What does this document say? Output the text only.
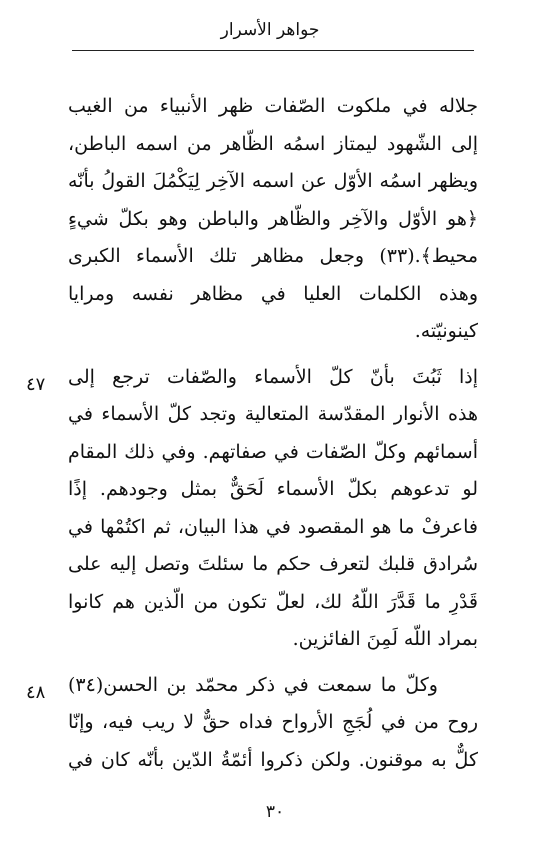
جواهر الأسرار
٤٧
٤٨
جلاله في ملكوت الصّفات ظهر الأنبياء من الغيب
إلى الشّهود ليمتاز اسمُه الظّاهر من اسمه الباطن،
ويظهر اسمُه الأوّل عن اسمه الآخِر لِيَكْمُلَ القولُ بأنّه
﴿هو الأوّل والآخِر والظّاهر والباطن وهو بكلّ شيءٍ
محيط﴾.(٣٣) وجعل مظاهر تلك الأسماء الكبرى
وهذه الكلمات العليا في مظاهر نفسه ومرايا
كينونيّته.
إذا ثَبُتَ بأنّ كلّ الأسماء والصّفات ترجع إلى
هذه الأنوار المقدّسة المتعالية وتجد كلّ الأسماء في
أسمائهم وكلّ الصّفات في صفاتهم. وفي ذلك المقام
لو تدعوهم بكلّ الأسماء لَحَقٌّ بمثل وجودهم. إذًا
فاعرفْ ما هو المقصود في هذا البيان، ثم اكتُمْها في
سُرادق قلبك لتعرف حكم ما سئلتَ وتصل إليه على
قَدْرِ ما قَدَّرَ اللّهُ لك، لعلّ تكون من الّذين هم كانوا
بمراد اللّه لَمِنَ الفائزين.
وكلّ ما سمعت في ذكر محمّد بن الحسن(٣٤)
روح من في لُجَجِ الأرواح فداه حقٌّ لا ريب فيه، وإنّا
كلٌّ به موقنون. ولكن ذكروا أئمّةُ الدّين بأنّه كان في
٣٠
